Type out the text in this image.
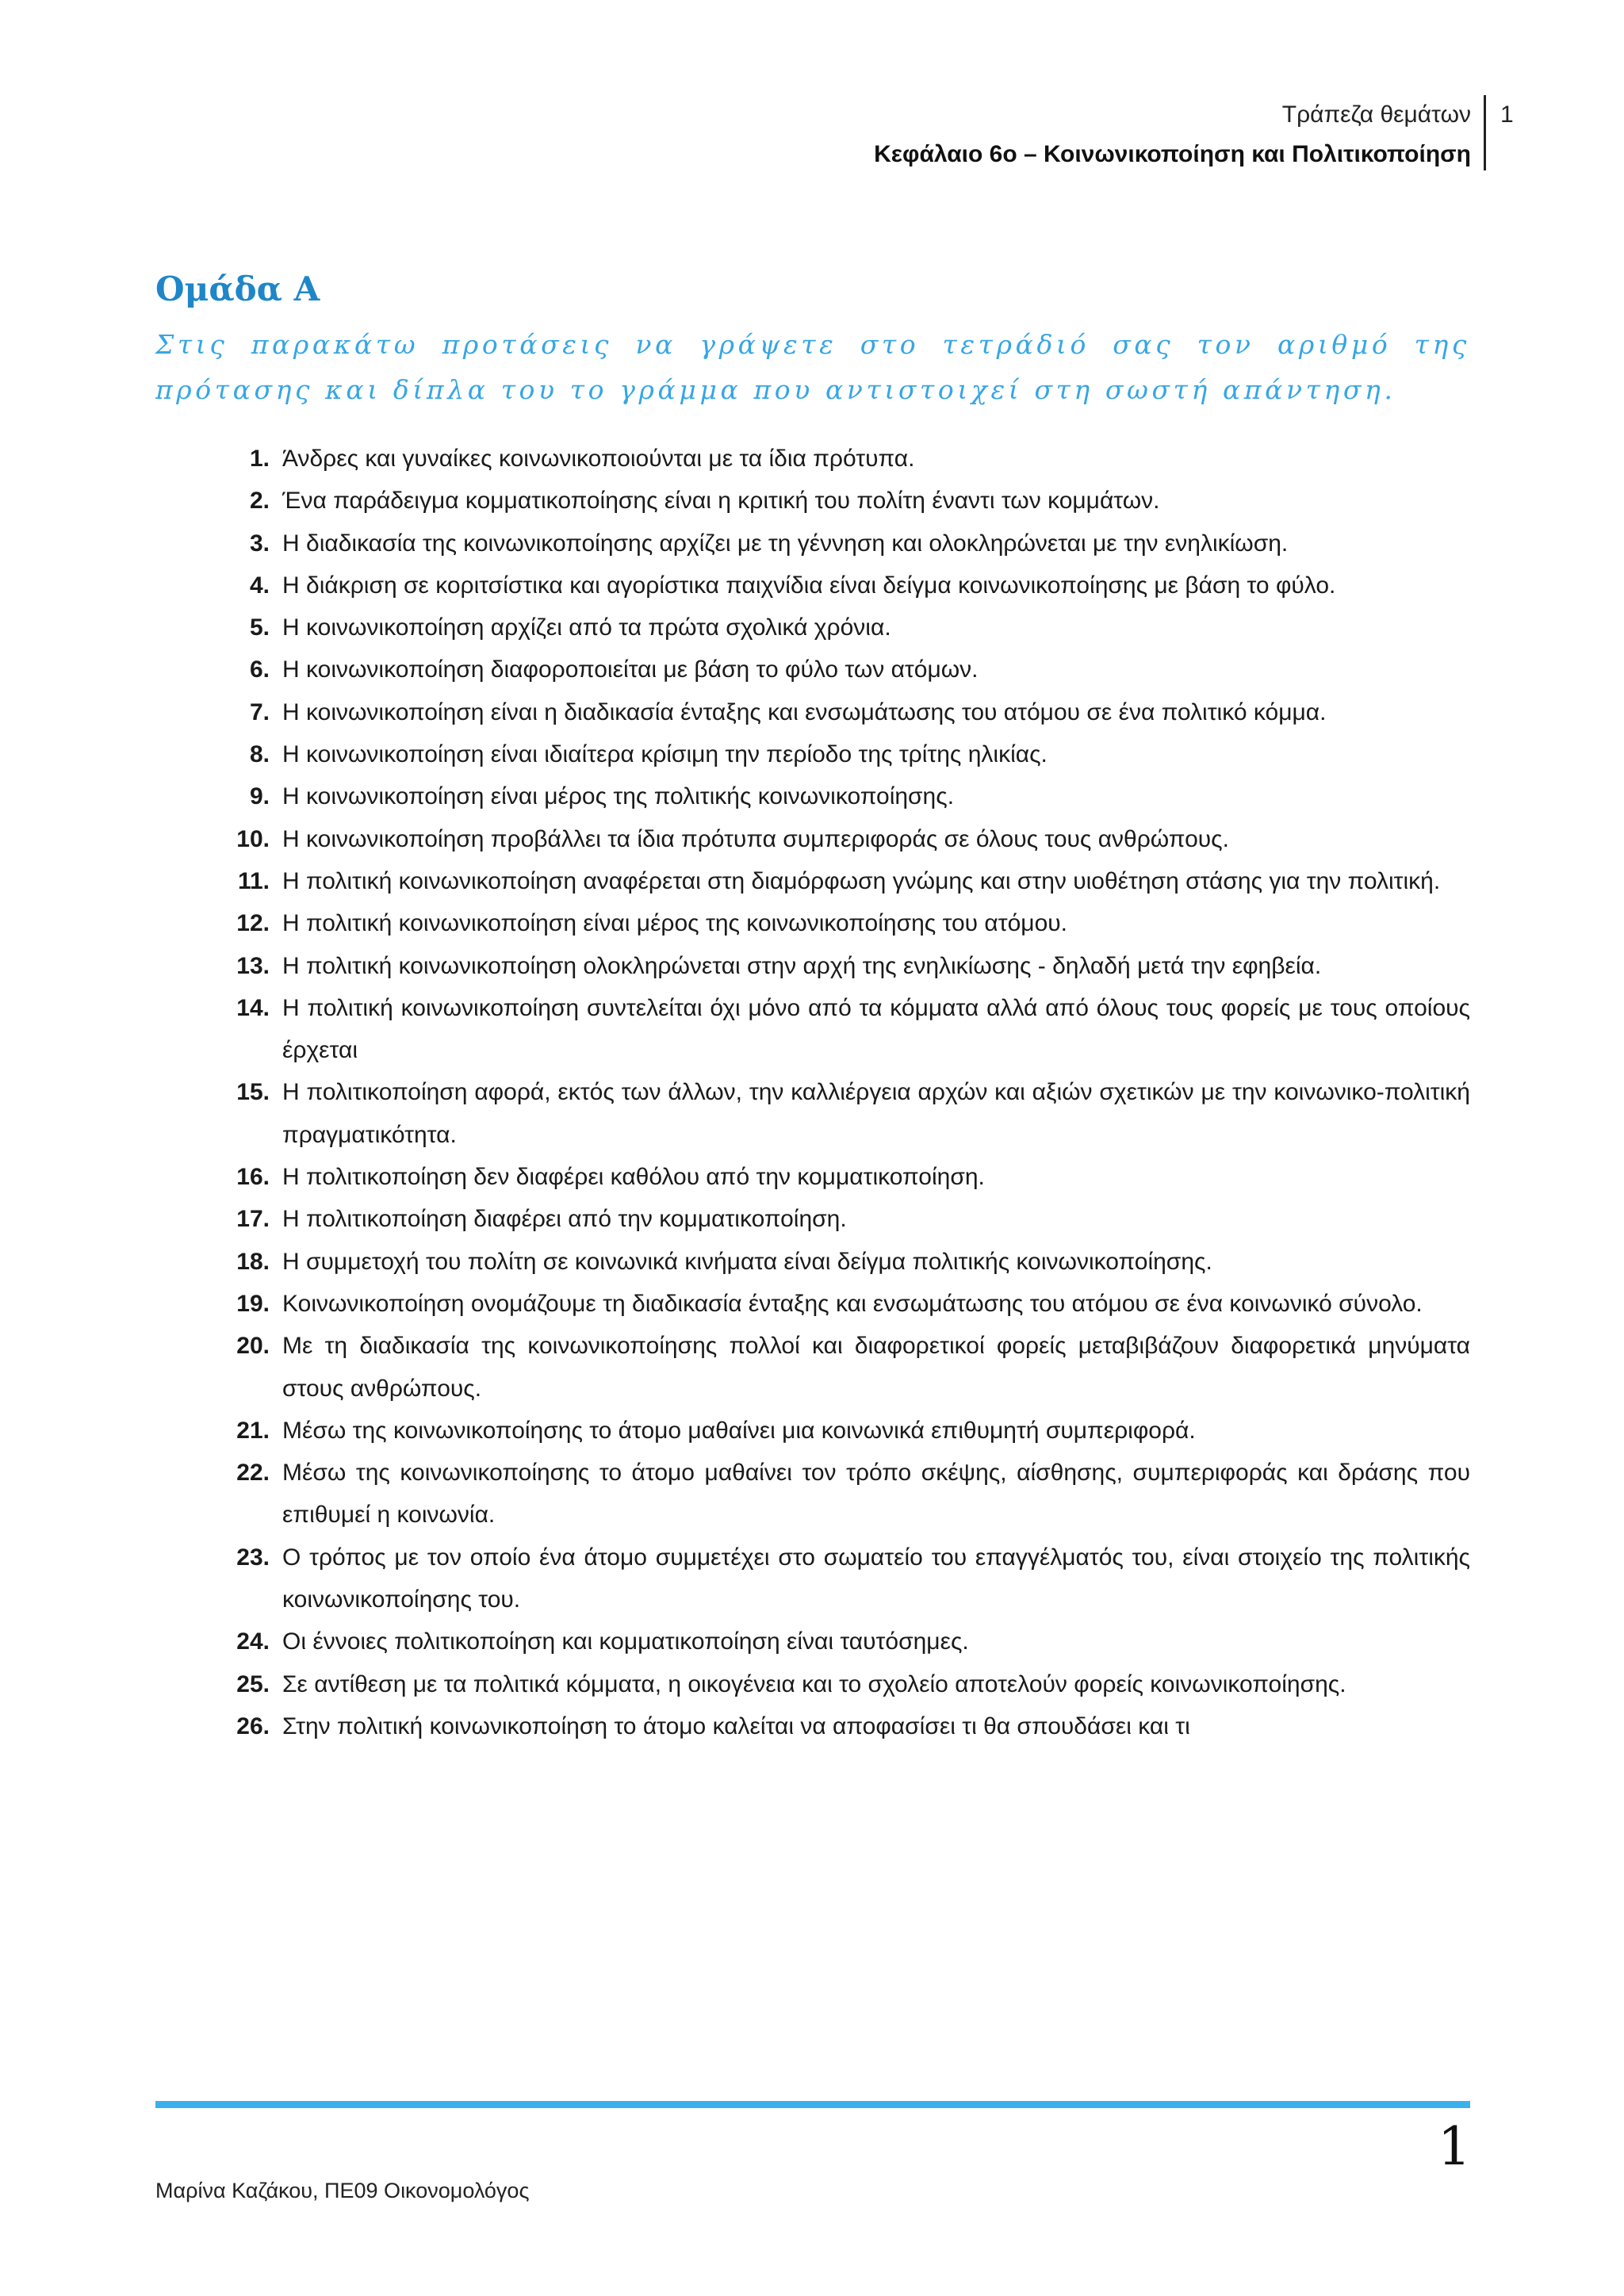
Τράπεζα θεμάτων
Κεφάλαιο 6ο – Κοινωνικοποίηση και Πολιτικοποίηση
1
Ομάδα Α

Στις παρακάτω προτάσεις να γράψετε στο τετράδιό σας τον αριθμό της πρότασης και δίπλα του το γράμμα που αντιστοιχεί στη σωστή απάντηση.

1. Άνδρες και γυναίκες κοινωνικοποιούνται με τα ίδια πρότυπα.
2. Ένα παράδειγμα κομματικοποίησης είναι η κριτική του πολίτη έναντι των κομμάτων.
3. Η διαδικασία της κοινωνικοποίησης αρχίζει με τη γέννηση και ολοκληρώνεται με την ενηλικίωση.
4. Η διάκριση σε κοριτσίστικα και αγορίστικα παιχνίδια είναι δείγμα κοινωνικοποίησης με βάση το φύλο.
5. Η κοινωνικοποίηση αρχίζει από τα πρώτα σχολικά χρόνια.
6. Η κοινωνικοποίηση διαφοροποιείται με βάση το φύλο των ατόμων.
7. Η κοινωνικοποίηση είναι η διαδικασία ένταξης και ενσωμάτωσης του ατόμου σε ένα πολιτικό κόμμα.
8. Η κοινωνικοποίηση είναι ιδιαίτερα κρίσιμη την περίοδο της τρίτης ηλικίας.
9. Η κοινωνικοποίηση είναι μέρος της πολιτικής κοινωνικοποίησης.
10. Η κοινωνικοποίηση προβάλλει τα ίδια πρότυπα συμπεριφοράς σε όλους τους ανθρώπους.
11. Η πολιτική κοινωνικοποίηση αναφέρεται στη διαμόρφωση γνώμης και στην υιοθέτηση στάσης για την πολιτική.
12. Η πολιτική κοινωνικοποίηση είναι μέρος της κοινωνικοποίησης του ατόμου.
13. Η πολιτική κοινωνικοποίηση ολοκληρώνεται στην αρχή της ενηλικίωσης - δηλαδή μετά την εφηβεία.
14. Η πολιτική κοινωνικοποίηση συντελείται όχι μόνο από τα κόμματα αλλά από όλους τους φορείς με τους οποίους έρχεται
15. Η πολιτικοποίηση αφορά, εκτός των άλλων, την καλλιέργεια αρχών και αξιών σχετικών με την κοινωνικο-πολιτική πραγματικότητα.
16. Η πολιτικοποίηση δεν διαφέρει καθόλου από την κομματικοποίηση.
17. Η πολιτικοποίηση διαφέρει από την κομματικοποίηση.
18. Η συμμετοχή του πολίτη σε κοινωνικά κινήματα είναι δείγμα πολιτικής κοινωνικοποίησης.
19. Κοινωνικοποίηση ονομάζουμε τη διαδικασία ένταξης και ενσωμάτωσης του ατόμου σε ένα κοινωνικό σύνολο.
20. Με τη διαδικασία της κοινωνικοποίησης πολλοί και διαφορετικοί φορείς μεταβιβάζουν διαφορετικά μηνύματα στους ανθρώπους.
21. Μέσω της κοινωνικοποίησης το άτομο μαθαίνει μια κοινωνικά επιθυμητή συμπεριφορά.
22. Μέσω της κοινωνικοποίησης το άτομο μαθαίνει τον τρόπο σκέψης, αίσθησης, συμπεριφοράς και δράσης που επιθυμεί η κοινωνία.
23. Ο τρόπος με τον οποίο ένα άτομο συμμετέχει στο σωματείο του επαγγέλματός του, είναι στοιχείο της πολιτικής κοινωνικοποίησης του.
24. Οι έννοιες πολιτικοποίηση και κομματικοποίηση είναι ταυτόσημες.
25. Σε αντίθεση με τα πολιτικά κόμματα, η οικογένεια και το σχολείο αποτελούν φορείς κοινωνικοποίησης.
26. Στην πολιτική κοινωνικοποίηση το άτομο καλείται να αποφασίσει τι θα σπουδάσει και τι
1
Μαρίνα Καζάκου, ΠΕ09 Οικονομολόγος
